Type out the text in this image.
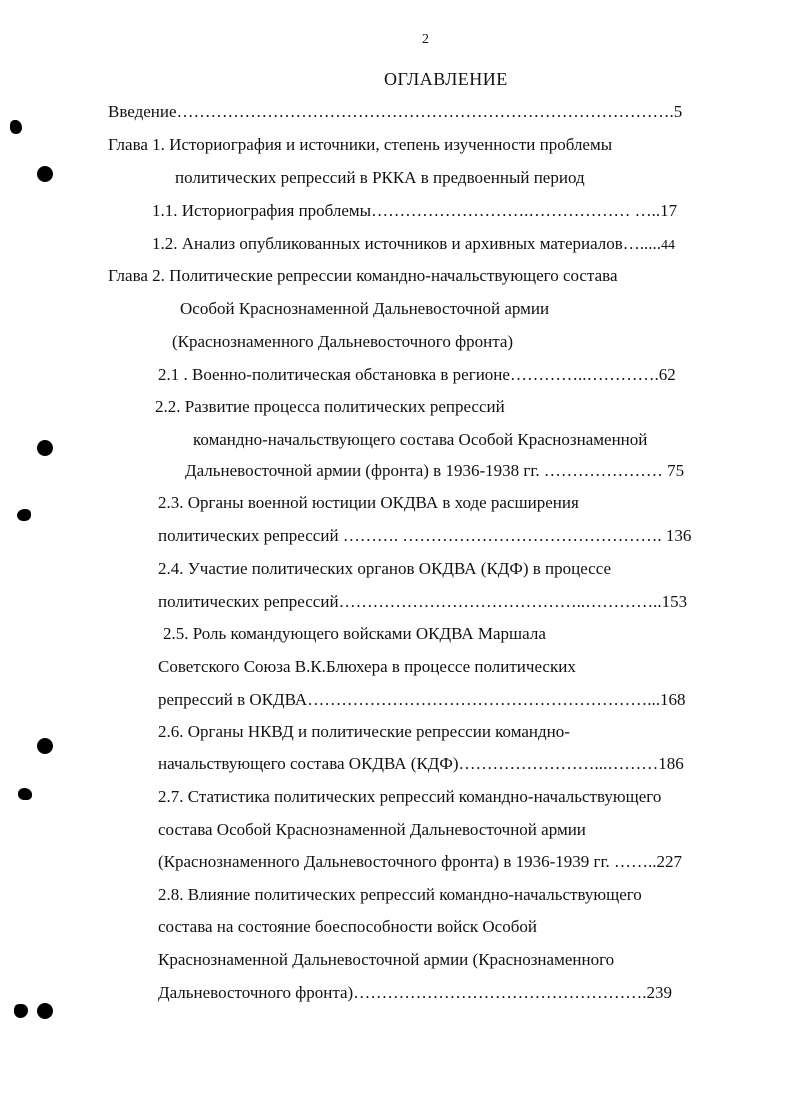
2
ОГЛАВЛЕНИЕ
Введение…………………………………………………………………………….5
Глава 1. Историография и источники, степень изученности проблемы
политических репрессий в РККА в предвоенный период
1.1. Историография проблемы……………………….……………… …..17
1.2. Анализ опубликованных источников и архивных материалов….....44
Глава 2. Политические репрессии командно-начальствующего состава
Особой Краснознаменной Дальневосточной армии
(Краснознаменного Дальневосточного фронта)
2.1 . Военно-политическая обстановка в регионе…………..………….62
2.2. Развитие процесса политических репрессий
командно-начальствующего состава Особой Краснознаменной
Дальневосточной армии (фронта) в 1936-1938 гг. ………………… 75
2.3. Органы военной юстиции ОКДВА в ходе расширения
политических репрессий ………. ………………………………………. 136
2.4. Участие политических органов ОКДВА (КДФ) в процессе
политических репрессий……………………………………..…………..153
2.5. Роль командующего войсками ОКДВА Маршала
Советского Союза В.К.Блюхера в процессе политических
репрессий в ОКДВА……………………………………………………...168
2.6. Органы НКВД и политические репрессии командно-
начальствующего состава ОКДВА (КДФ)……………………...………186
2.7. Статистика политических репрессий командно-начальствующего
состава Особой Краснознаменной Дальневосточной армии
(Краснознаменного Дальневосточного фронта) в 1936-1939 гг. ……..227
2.8. Влияние политических репрессий командно-начальствующего
состава на состояние боеспособности войск Особой
Краснознаменной Дальневосточной армии (Краснознаменного
Дальневосточного фронта)…………………………………………….239
